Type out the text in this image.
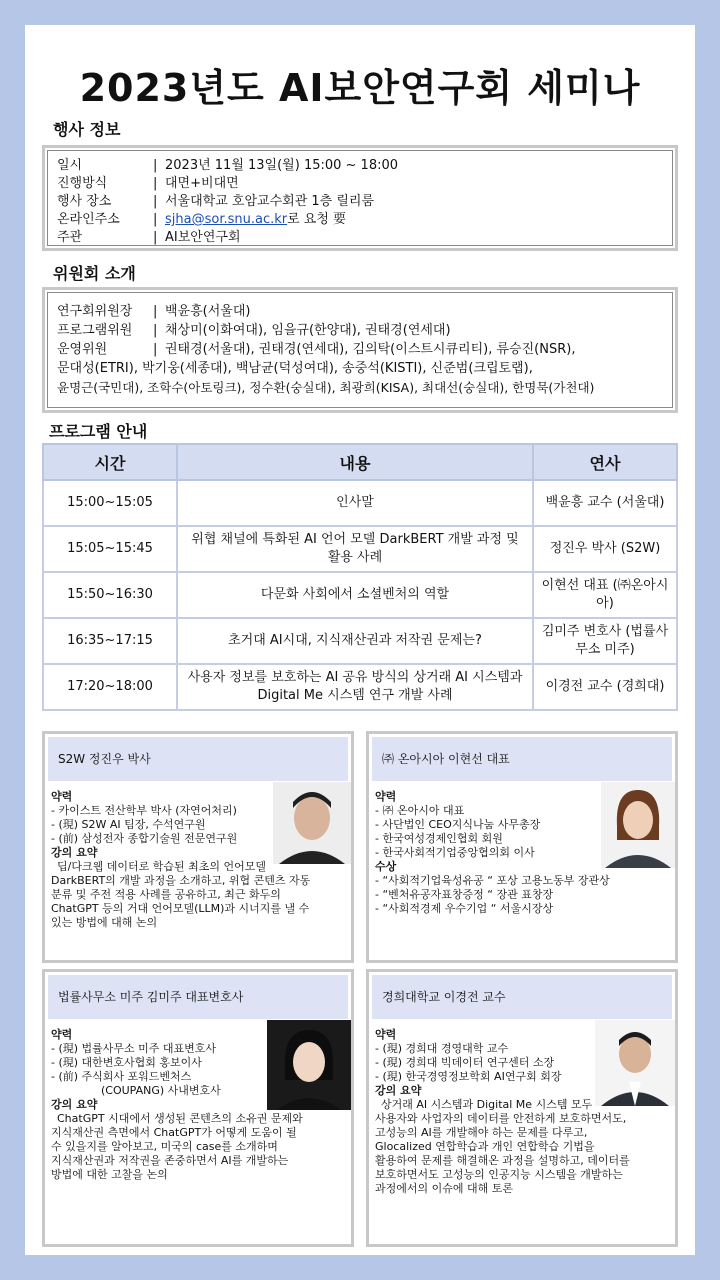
2023년도 AI보안연구회 세미나
행사 정보
일시	| 2023년 11월 13일(월) 15:00 ~ 18:00
진행방식	| 대면+비대면
행사 장소	| 서울대학교 호암교수회관 1층 릴리룸
온라인주소	| sjha@sor.snu.ac.kr로 요청 要
주관	| AI보안연구회
위원회 소개
연구회위원장 | 백윤흥(서울대)
프로그램위원 | 채상미(이화여대), 임을규(한양대), 권태경(연세대)
운영위원	| 권태경(서울대), 권태경(연세대), 김의탁(이스트시큐리티), 류승진(NSR),
문대성(ETRI), 박기웅(세종대), 백남균(덕성여대), 송중석(KISTI), 신준범(크립토랩),
윤명근(국민대), 조학수(아토링크), 정수환(숭실대), 최광희(KISA), 최대선(숭실대), 한명묵(가천대)
프로그램 안내
시간	내용	연사
15:00~15:05	인사말	백윤흥 교수 (서울대)
15:05~15:45	위협 채널에 특화된 AI 언어 모델 DarkBERT 개발 과정 및 활용 사례	정진우 박사 (S2W)
15:50~16:30	다문화 사회에서 소셜벤처의 역할	이현선 대표 (㈜온아시아)
16:35~17:15	초거대 AI시대, 지식재산권과 저작권 문제는?	김미주 변호사 (법률사무소 미주)
17:20~18:00	사용자 정보를 보호하는 AI 공유 방식의 상거래 AI 시스템과 Digital Me 시스템 연구 개발 사례	이경전 교수 (경희대)
S2W 정진우 박사
약력
- 카이스트 전산학부 박사 (자연어처리)
- (現) S2W AI 팀장, 수석연구원
- (前) 삼성전자 종합기술원 전문연구원
강의 요약
딥/다크웹 데이터로 학습된 최초의 언어모델
DarkBERT의 개발 과정을 소개하고, 위협 콘텐츠 자동
분류 및 주전 적용 사례를 공유하고, 최근 화두의
ChatGPT 등의 거대 언어모델(LLM)과 시너지를 낼 수
있는 방법에 대해 논의
㈜ 온아시아 이현선 대표
약력
- ㈜ 온아시아 대표
- 사단법인 CEO지식나눔 사무총장
- 한국여성경제인협회 회원
- 한국사회적기업중앙협의회 이사
수상
- “사회적기업육성유공 “ 포상 고용노동부 장관상
- “벤처유공자표창증정 “ 장관 표창장
- “사회적경제 우수기업 “ 서울시장상
법률사무소 미주 김미주 대표변호사
약력
- (現) 법률사무소 미주 대표변호사
- (現) 대한변호사협회 홍보이사
- (前) 주식회사 포워드벤처스
(COUPANG) 사내변호사
강의 요약
ChatGPT 시대에서 생성된 콘텐츠의 소유권 문제와
지식재산권 측면에서 ChatGPT가 어떻게 도움이 될
수 있을지를 알아보고, 미국의 case를 소개하며
지식재산권과 저작권을 존중하면서 AI를 개발하는
방법에 대한 고찰을 논의
경희대학교 이경전 교수
약력
- (現) 경희대 경영대학 교수
- (現) 경희대 빅데이터 연구센터 소장
- (現) 한국경영정보학회 AI연구회 회장
강의 요약
상거래 AI 시스템과 Digital Me 시스템 모두
사용자와 사업자의 데이터를 안전하게 보호하면서도,
고성능의 AI를 개발해야 하는 문제를 다루고,
Glocalized 연합학습과 개인 연합학습 기법을
활용하여 문제를 해결해온 과정을 설명하고, 데이터를
보호하면서도 고성능의 인공지능 시스템을 개발하는
과정에서의 이슈에 대해 토론
